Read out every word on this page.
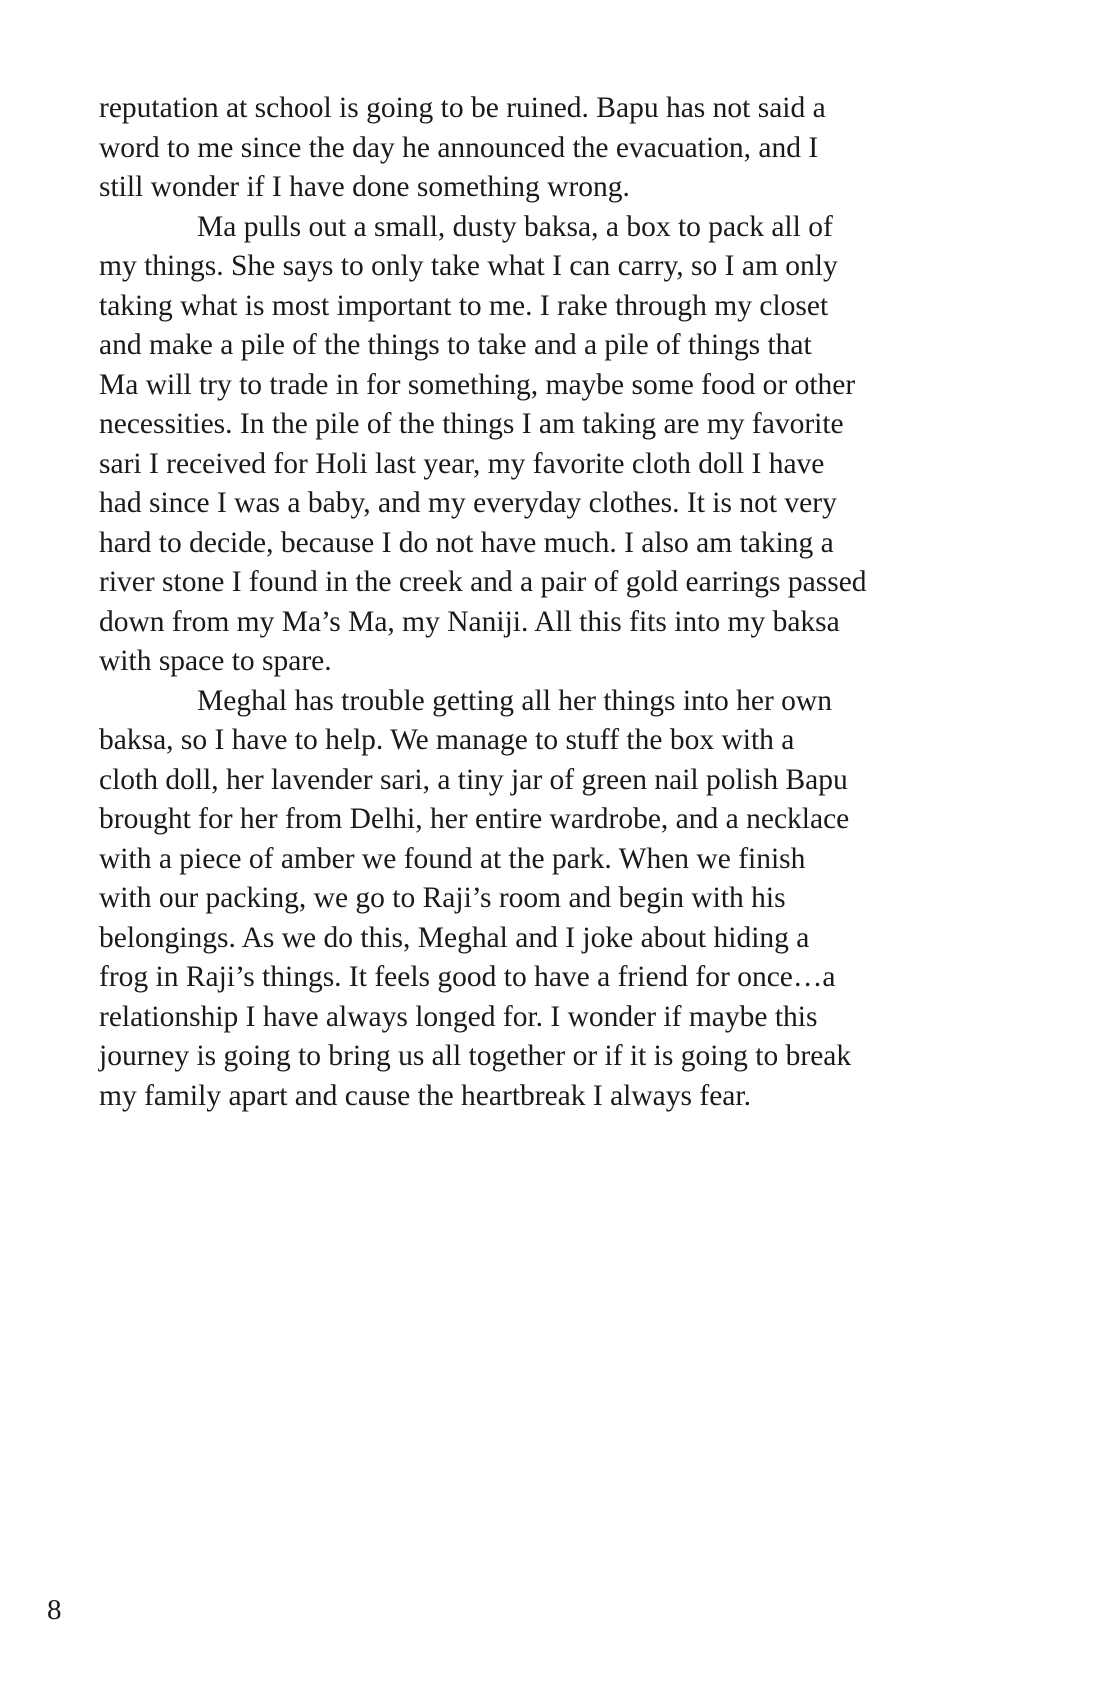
reputation at school is going to be ruined. Bapu has not said a
word to me since the day he announced the evacuation, and I
still wonder if I have done something wrong.
Ma pulls out a small, dusty baksa, a box to pack all of
my things. She says to only take what I can carry, so I am only
taking what is most important to me. I rake through my closet
and make a pile of the things to take and a pile of things that
Ma will try to trade in for something, maybe some food or other
necessities. In the pile of the things I am taking are my favorite
sari I received for Holi last year, my favorite cloth doll I have
had since I was a baby, and my everyday clothes. It is not very
hard to decide, because I do not have much. I also am taking a
river stone I found in the creek and a pair of gold earrings passed
down from my Ma’s Ma, my Naniji. All this fits into my baksa
with space to spare.
Meghal has trouble getting all her things into her own
baksa, so I have to help. We manage to stuff the box with a
cloth doll, her lavender sari, a tiny jar of green nail polish Bapu
brought for her from Delhi, her entire wardrobe, and a necklace
with a piece of amber we found at the park. When we finish
with our packing, we go to Raji’s room and begin with his
belongings. As we do this, Meghal and I joke about hiding a
frog in Raji’s things. It feels good to have a friend for once…a
relationship I have always longed for. I wonder if maybe this
journey is going to bring us all together or if it is going to break
my family apart and cause the heartbreak I always fear.
8
